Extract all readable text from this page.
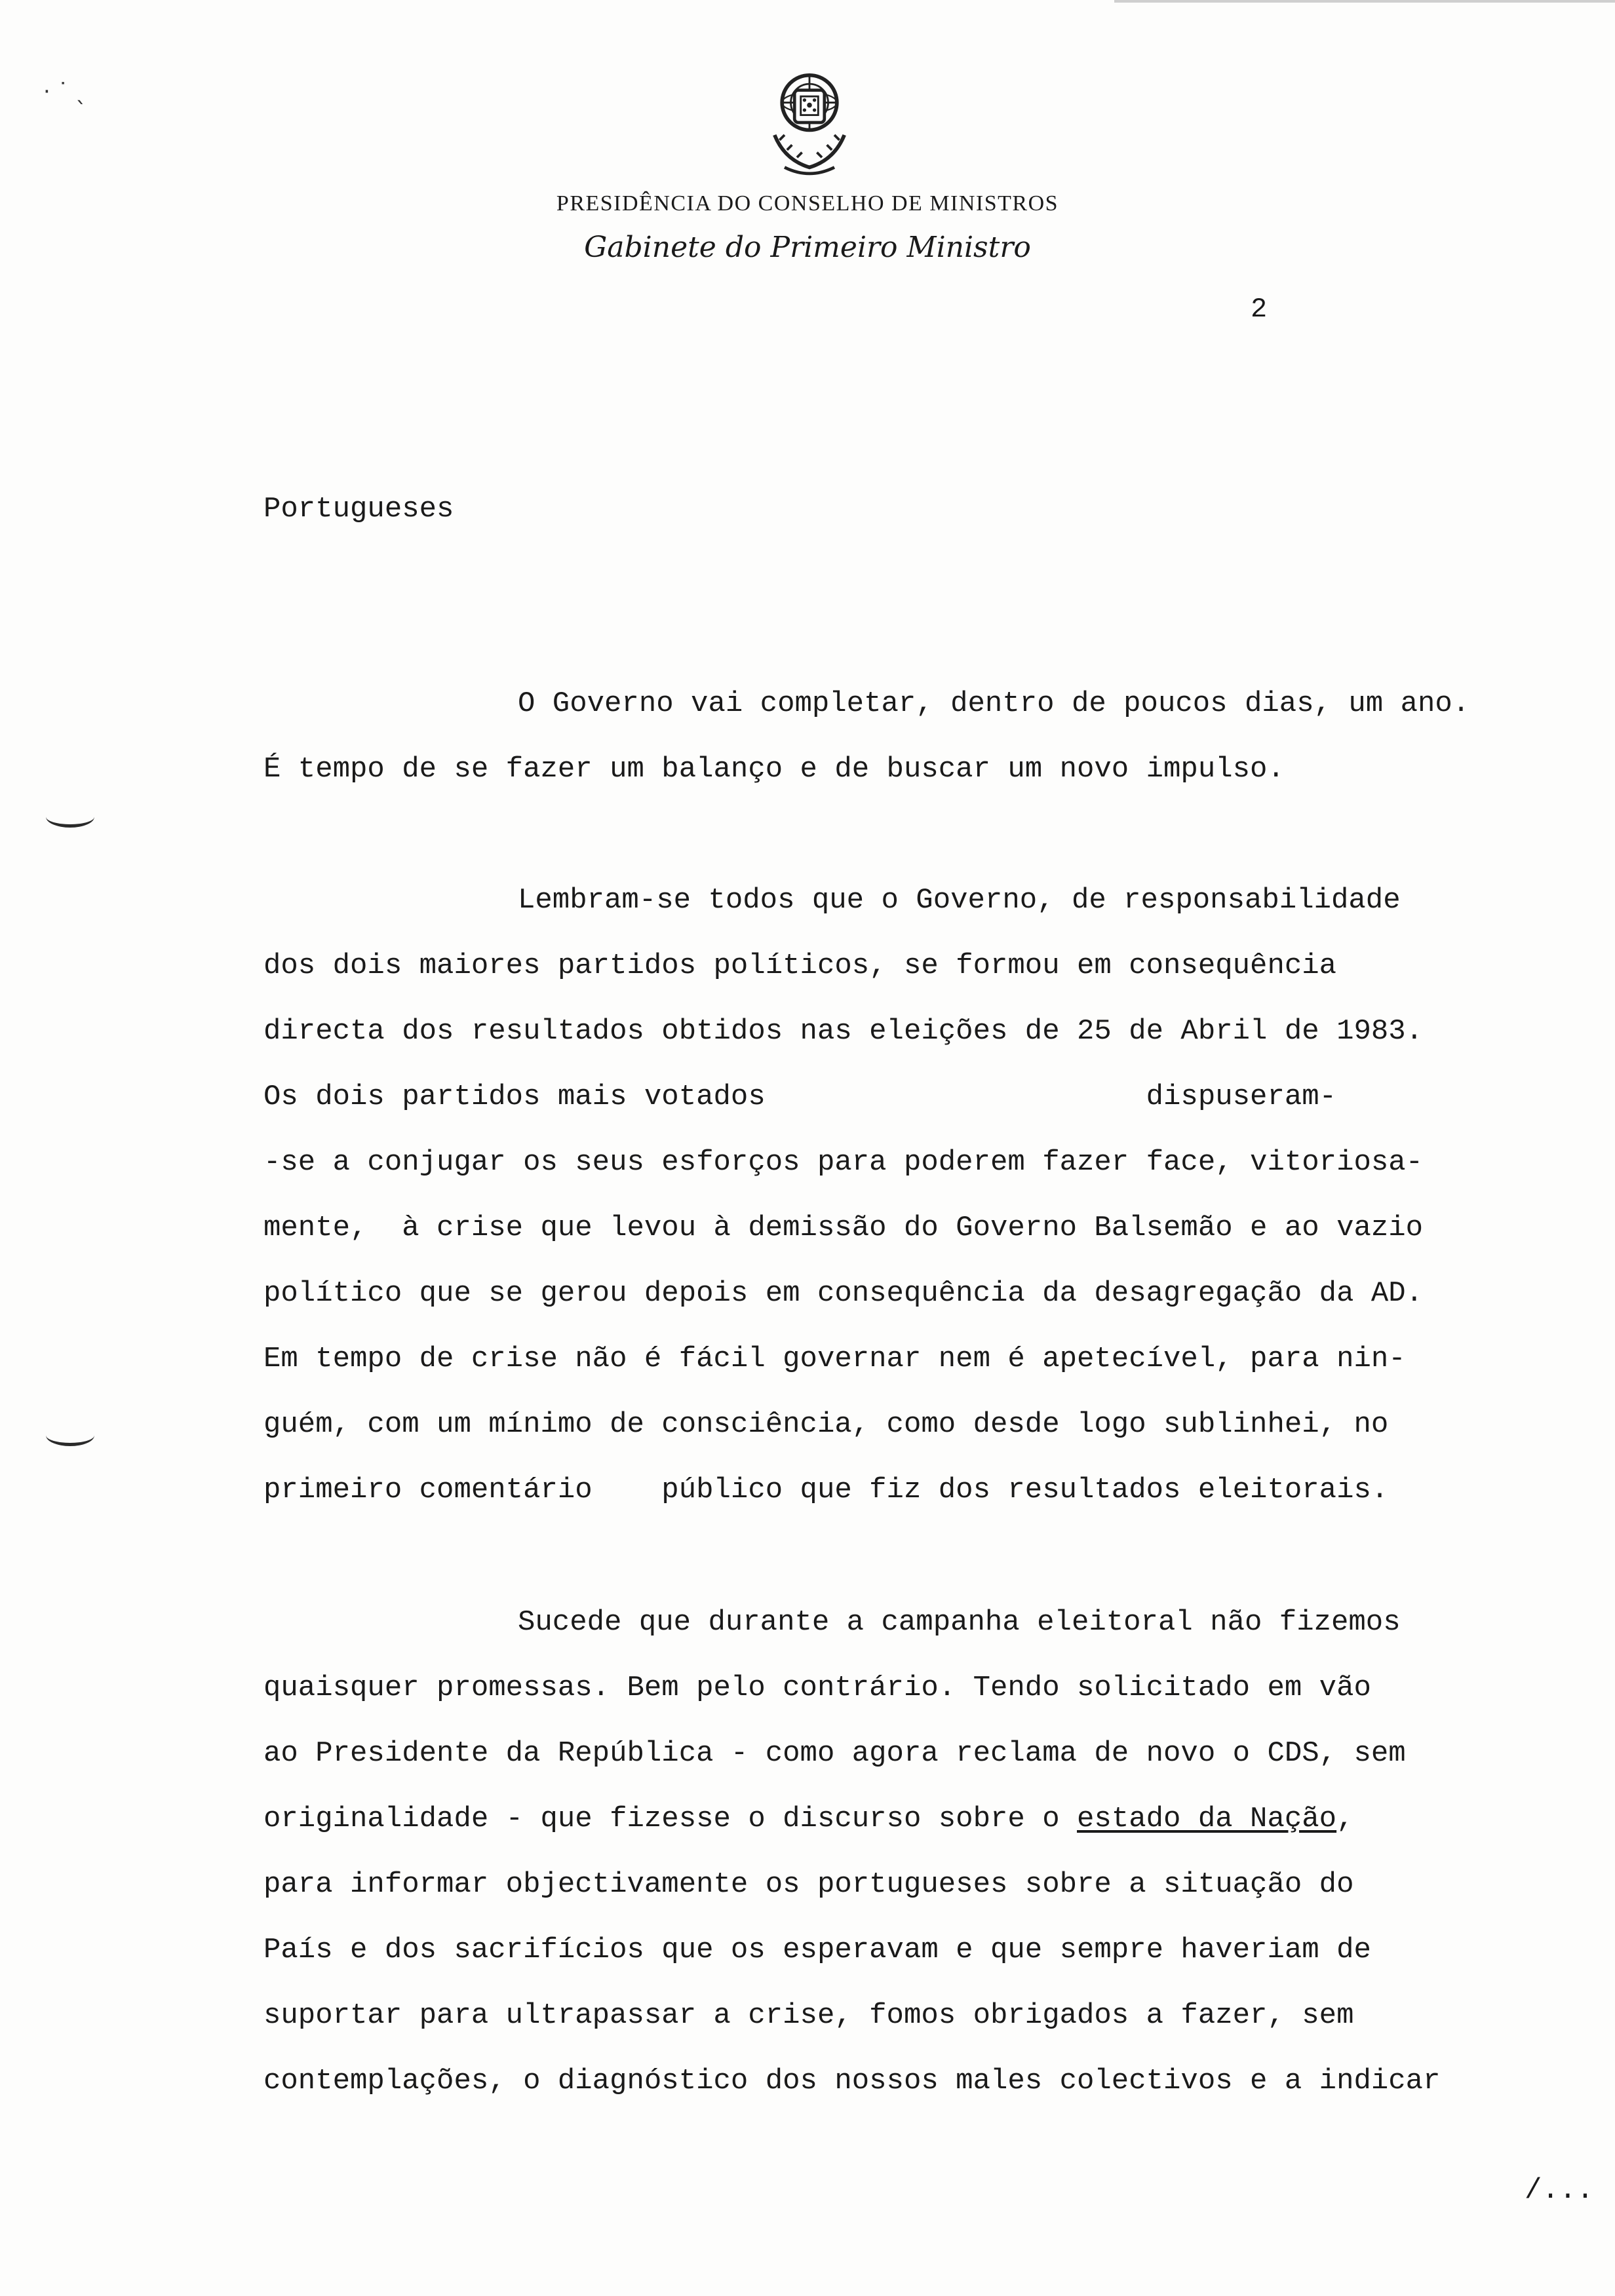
· ˙ ˎ

PRESIDÊNCIA DO CONSELHO DE MINISTROS

Gabinete do Primeiro Ministro

2

Portugueses

O Governo vai completar, dentro de poucos dias, um ano.

É tempo de se fazer um balanço e de buscar um novo impulso.

Lembram-se todos que o Governo, de responsabilidade

dos dois maiores partidos políticos, se formou em consequência

directa dos resultados obtidos nas eleições de 25 de Abril de 1983.

Os dois partidos mais votados                      dispuseram-

-se a conjugar os seus esforços para poderem fazer face, vitoriosa-

mente,  à crise que levou à demissão do Governo Balsemão e ao vazio

político que se gerou depois em consequência da desagregação da AD.

Em tempo de crise não é fácil governar nem é apetecível, para nin-

guém, com um mínimo de consciência, como desde logo sublinhei, no

primeiro comentário    público que fiz dos resultados eleitorais.

Sucede que durante a campanha eleitoral não fizemos

quaisquer promessas. Bem pelo contrário. Tendo solicitado em vão

ao Presidente da República - como agora reclama de novo o CDS, sem

originalidade - que fizesse o discurso sobre o estado da Nação,

para informar objectivamente os portugueses sobre a situação do

País e dos sacrifícios que os esperavam e que sempre haveriam de

suportar para ultrapassar a crise, fomos obrigados a fazer, sem

contemplações, o diagnóstico dos nossos males colectivos e a indicar

/...
